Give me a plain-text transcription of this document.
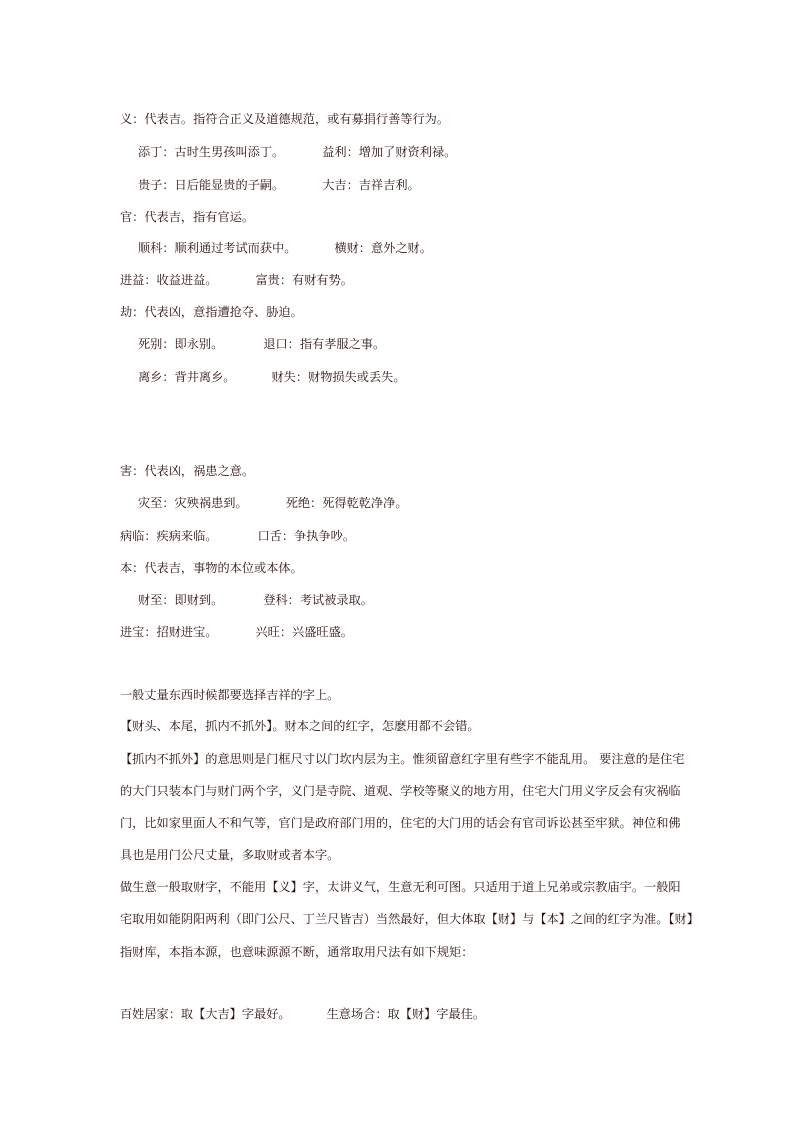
义：代表吉。指符合正义及道德规范，或有募捐行善等行为。
添丁：古时生男孩叫添丁。	益利：增加了财资利禄。
贵子：日后能显贵的子嗣。	大吉：吉祥吉利。
官：代表吉，指有官运。
顺科：顺利通过考试而获中。	横财：意外之财。
进益：收益进益。	富贵：有财有势。
劫：代表凶，意指遭抢夺、胁迫。
死别：即永别。	退口：指有孝服之事。
离乡：背井离乡。	财失：财物损失或丢失。
害：代表凶，祸患之意。
灾至：灾殃祸患到。	死绝：死得乾乾净净。
病临：疾病来临。	口舌：争执争吵。
本：代表吉，事物的本位或本体。
财至：即财到。	登科：考试被录取。
进宝：招财进宝。	兴旺：兴盛旺盛。
一般丈量东西时候都要选择吉祥的字上。
【财头、本尾，抓内不抓外】。财本之间的红字，怎麽用都不会错。
【抓内不抓外】的意思则是门框尺寸以门坎内层为主。惟须留意红字里有些字不能乱用。 要注意的是住宅
的大门只装本门与财门两个字，义门是寺院、道观、学校等聚义的地方用，住宅大门用义字反会有灾祸临
门，比如家里面人不和气等，官门是政府部门用的，住宅的大门用的话会有官司诉讼甚至牢狱。神位和佛
具也是用门公尺丈量，多取财或者本字。
做生意一般取财字，不能用【义】字，太讲义气，生意无利可图。只适用于道上兄弟或宗教庙宇。一般阳
宅取用如能阴阳两利（即门公尺、丁兰尺皆吉）当然最好，但大体取【财】与【本】之间的红字为准。【财】
指财库，本指本源，也意味源源不断，通常取用尺法有如下规矩：
百姓居家：取【大吉】字最好。	生意场合：取【财】字最佳。
